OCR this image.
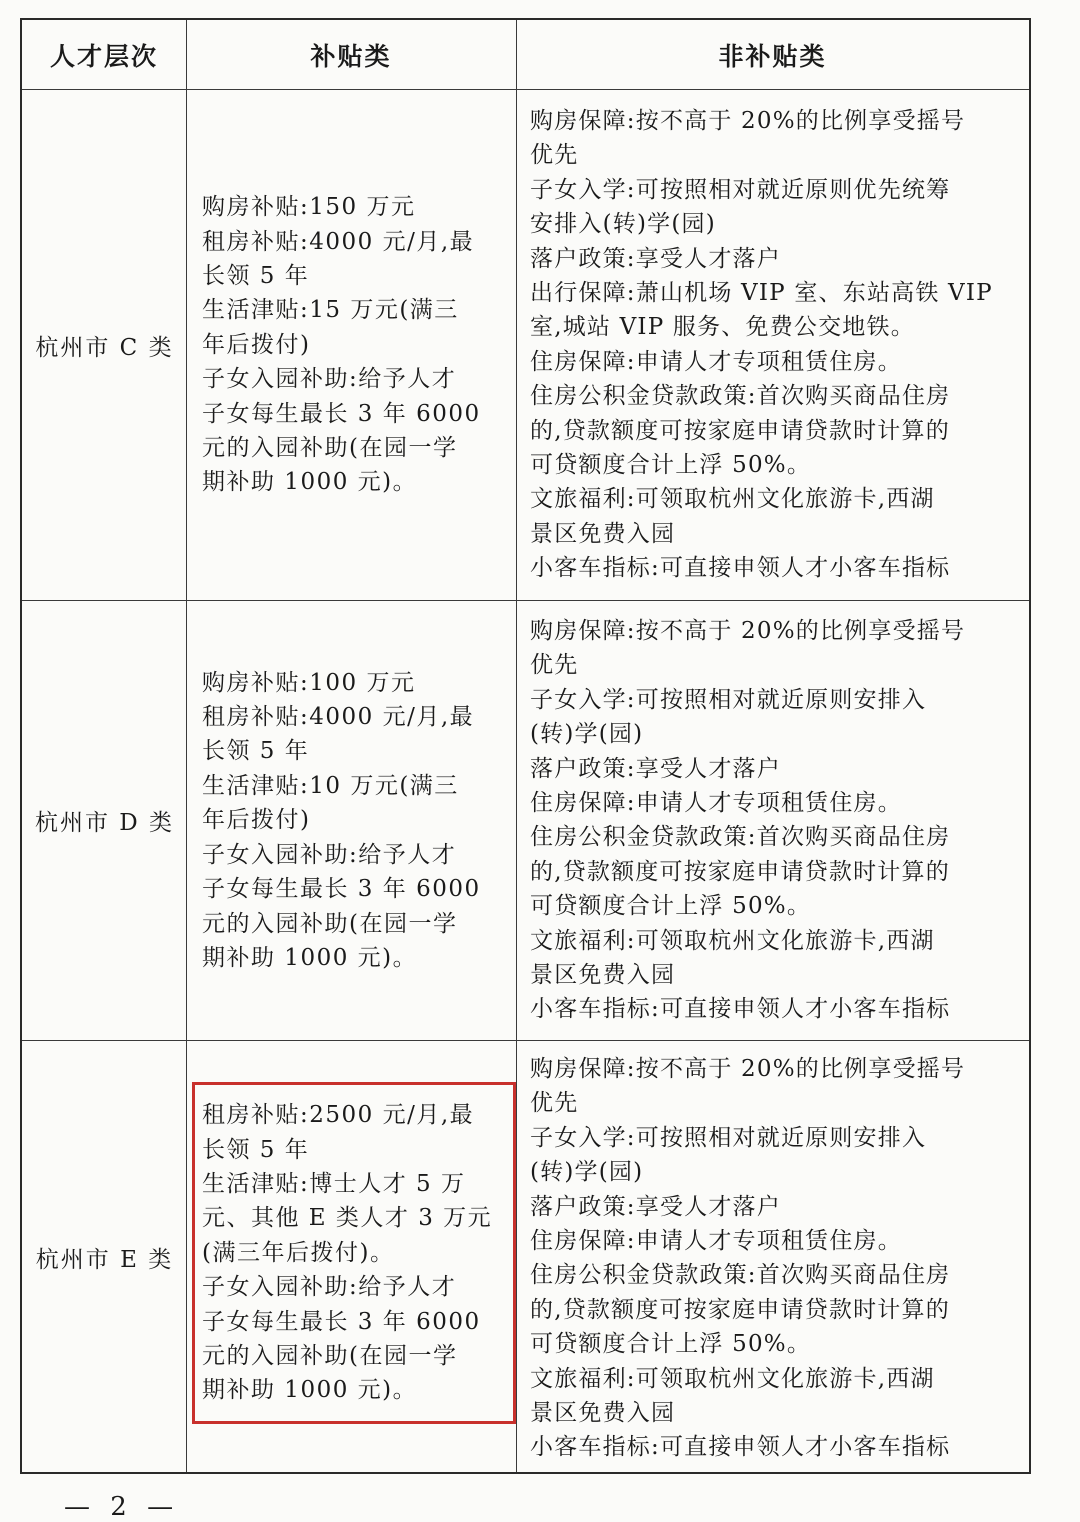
人才层次	补贴类	非补贴类
杭州市 C 类
购房补贴:150 万元
租房补贴:4000 元/月,最
长领 5 年
生活津贴:15 万元(满三
年后拨付)
子女入园补助:给予人才
子女每生最长 3 年 6000
元的入园补助(在园一学
期补助 1000 元)。
购房保障:按不高于 20%的比例享受摇号
优先
子女入学:可按照相对就近原则优先统筹
安排入(转)学(园)
落户政策:享受人才落户
出行保障:萧山机场 VIP 室、东站高铁 VIP
室,城站 VIP 服务、免费公交地铁。
住房保障:申请人才专项租赁住房。
住房公积金贷款政策:首次购买商品住房
的,贷款额度可按家庭申请贷款时计算的
可贷额度合计上浮 50%。
文旅福利:可领取杭州文化旅游卡,西湖
景区免费入园
小客车指标:可直接申领人才小客车指标
杭州市 D 类
购房补贴:100 万元
租房补贴:4000 元/月,最
长领 5 年
生活津贴:10 万元(满三
年后拨付)
子女入园补助:给予人才
子女每生最长 3 年 6000
元的入园补助(在园一学
期补助 1000 元)。
购房保障:按不高于 20%的比例享受摇号
优先
子女入学:可按照相对就近原则安排入
(转)学(园)
落户政策:享受人才落户
住房保障:申请人才专项租赁住房。
住房公积金贷款政策:首次购买商品住房
的,贷款额度可按家庭申请贷款时计算的
可贷额度合计上浮 50%。
文旅福利:可领取杭州文化旅游卡,西湖
景区免费入园
小客车指标:可直接申领人才小客车指标
杭州市 E 类
租房补贴:2500 元/月,最
长领 5 年
生活津贴:博士人才 5 万
元、其他 E 类人才 3 万元
(满三年后拨付)。
子女入园补助:给予人才
子女每生最长 3 年 6000
元的入园补助(在园一学
期补助 1000 元)。
购房保障:按不高于 20%的比例享受摇号
优先
子女入学:可按照相对就近原则安排入
(转)学(园)
落户政策:享受人才落户
住房保障:申请人才专项租赁住房。
住房公积金贷款政策:首次购买商品住房
的,贷款额度可按家庭申请贷款时计算的
可贷额度合计上浮 50%。
文旅福利:可领取杭州文化旅游卡,西湖
景区免费入园
小客车指标:可直接申领人才小客车指标
— 2 —
